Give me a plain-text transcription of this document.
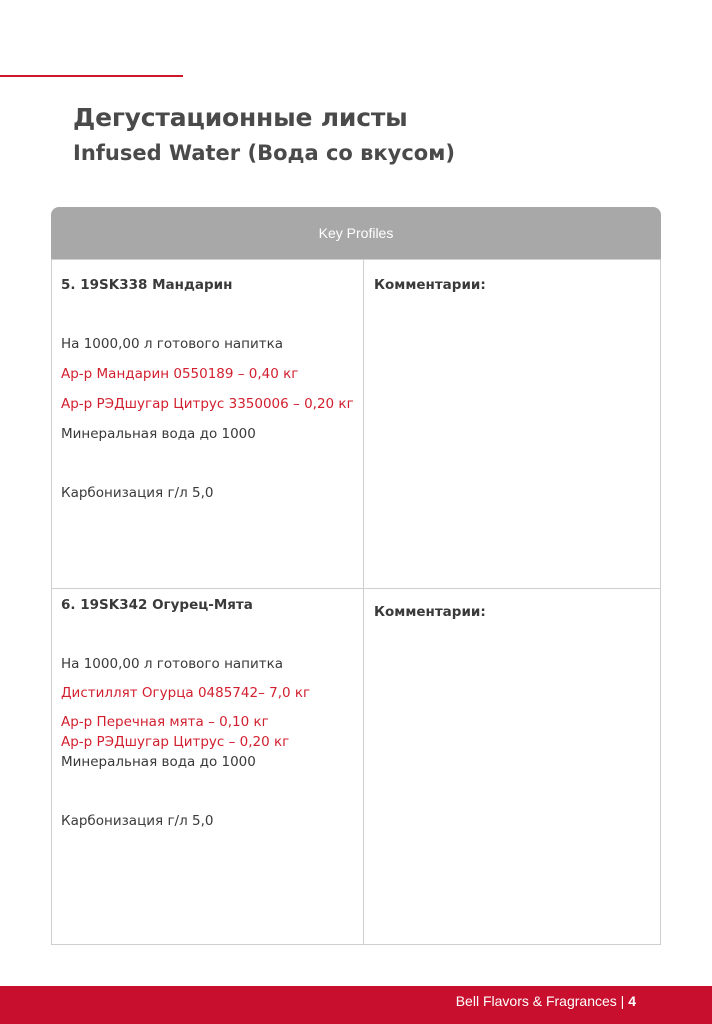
Дегустационные листы
Infused Water (Вода со вкусом)
Key Profiles

5. 19SK338 Мандарин

На 1000,00 л готового напитка

Ар-р Мандарин 0550189 – 0,40 кг

Ар-р РЭДшугар Цитрус 3350006 – 0,20 кг

Минеральная вода до 1000

Карбонизация г/л 5,0

Комментарии:

6. 19SK342 Огурец-Мята

На 1000,00 л готового напитка

Дистиллят Огурца 0485742– 7,0 кг

Ар-р Перечная мята – 0,10 кг

Ар-р РЭДшугар Цитрус – 0,20 кг

Минеральная вода до 1000

Карбонизация г/л 5,0

Комментарии:

Bell Flavors & Fragrances | 4
